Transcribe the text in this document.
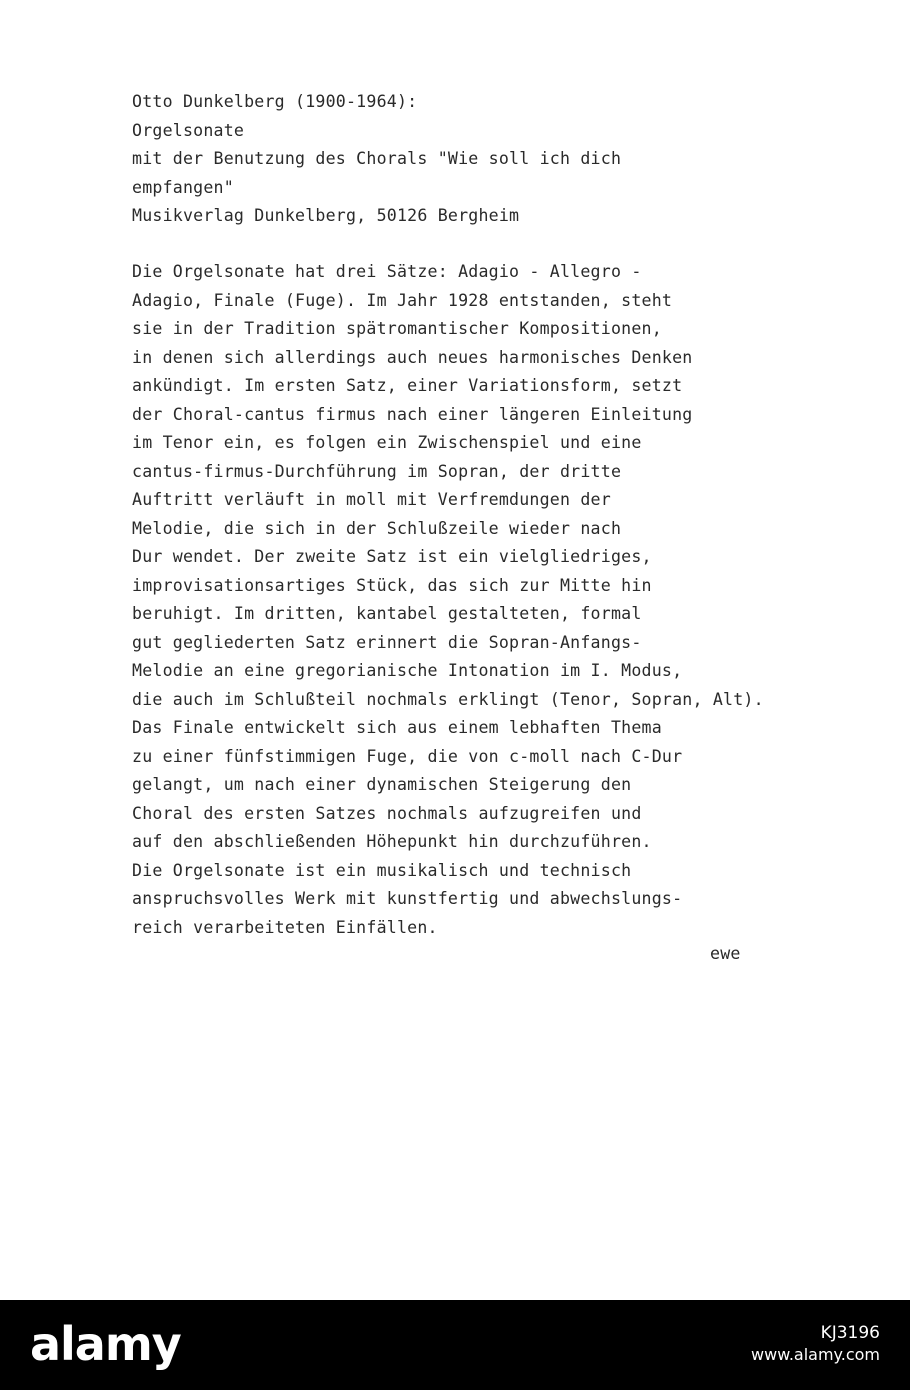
Otto Dunkelberg (1900-1964):
Orgelsonate
mit der Benutzung des Chorals "Wie soll ich dich
empfangen"
Musikverlag Dunkelberg, 50126 Bergheim
Die Orgelsonate hat drei Sätze: Adagio - Allegro -
Adagio, Finale (Fuge). Im Jahr 1928 entstanden, steht
sie in der Tradition spätromantischer Kompositionen,
in denen sich allerdings auch neues harmonisches Denken
ankündigt. Im ersten Satz, einer Variationsform, setzt
der Choral-cantus firmus nach einer längeren Einleitung
im Tenor ein, es folgen ein Zwischenspiel und eine
cantus-firmus-Durchführung im Sopran, der dritte
Auftritt verläuft in moll mit Verfremdungen der
Melodie, die sich in der Schlußzeile wieder nach
Dur wendet. Der zweite Satz ist ein vielgliedriges,
improvisationsartiges Stück, das sich zur Mitte hin
beruhigt. Im dritten, kantabel gestalteten, formal
gut gegliederten Satz erinnert die Sopran-Anfangs-
Melodie an eine gregorianische Intonation im I. Modus,
die auch im Schlußteil nochmals erklingt (Tenor, Sopran, Alt).
Das Finale entwickelt sich aus einem lebhaften Thema
zu einer fünfstimmigen Fuge, die von c-moll nach C-Dur
gelangt, um nach einer dynamischen Steigerung den
Choral des ersten Satzes nochmals aufzugreifen und
auf den abschließenden Höhepunkt hin durchzuführen.
Die Orgelsonate ist ein musikalisch und technisch
anspruchsvolles Werk mit kunstfertig und abwechslungs-
reich verarbeiteten Einfällen.
ewe
alamy	KJ3196
www.alamy.com
